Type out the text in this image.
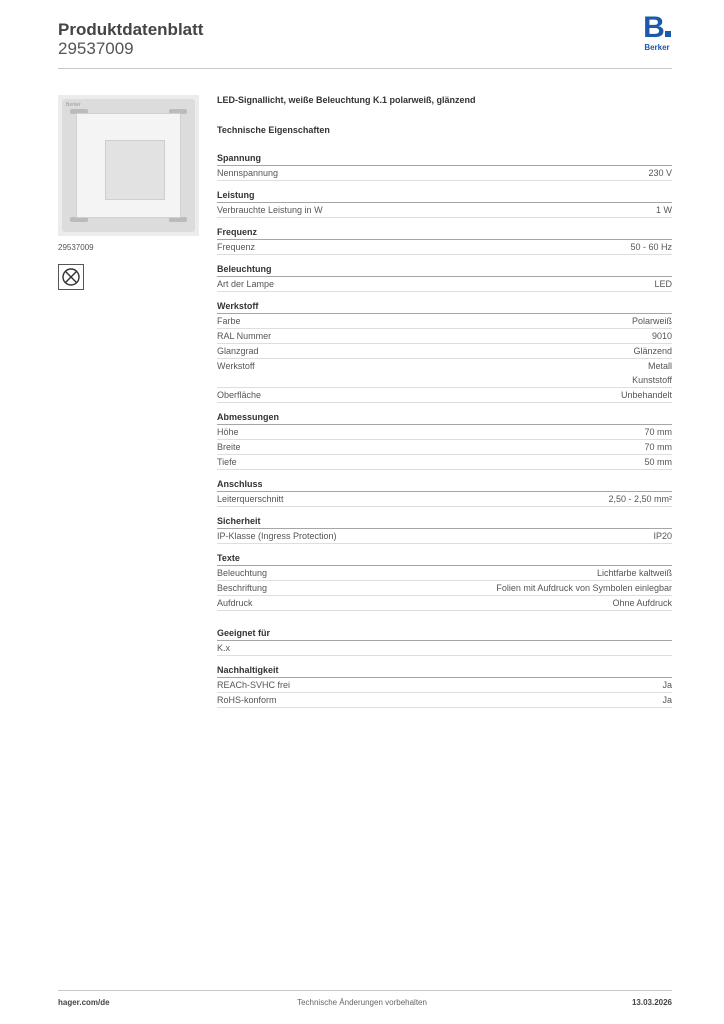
Produktdatenblatt
29537009
B
Berker
Berker
29537009
LED-Signallicht, weiße Beleuchtung K.1 polarweiß, glänzend
Technische Eigenschaften
Spannung
Nennspannung	230 V
Leistung
Verbrauchte Leistung in W	1 W
Frequenz
Frequenz	50 - 60 Hz
Beleuchtung
Art der Lampe	LED
Werkstoff
Farbe	Polarweiß
RAL Nummer	9010
Glanzgrad	Glänzend
Werkstoff	Metall
Kunststoff
Oberfläche	Unbehandelt
Abmessungen
Höhe	70 mm
Breite	70 mm
Tiefe	50 mm
Anschluss
Leiterquerschnitt	2,50 - 2,50 mm²
Sicherheit
IP-Klasse (Ingress Protection)	IP20
Texte
Beleuchtung	Lichtfarbe kaltweiß
Beschriftung	Folien mit Aufdruck von Symbolen einlegbar
Aufdruck	Ohne Aufdruck
Geeignet für
K.x
Nachhaltigkeit
REACh-SVHC frei	Ja
RoHS-konform	Ja
hager.com/de	Technische Änderungen vorbehalten	13.03.2026
